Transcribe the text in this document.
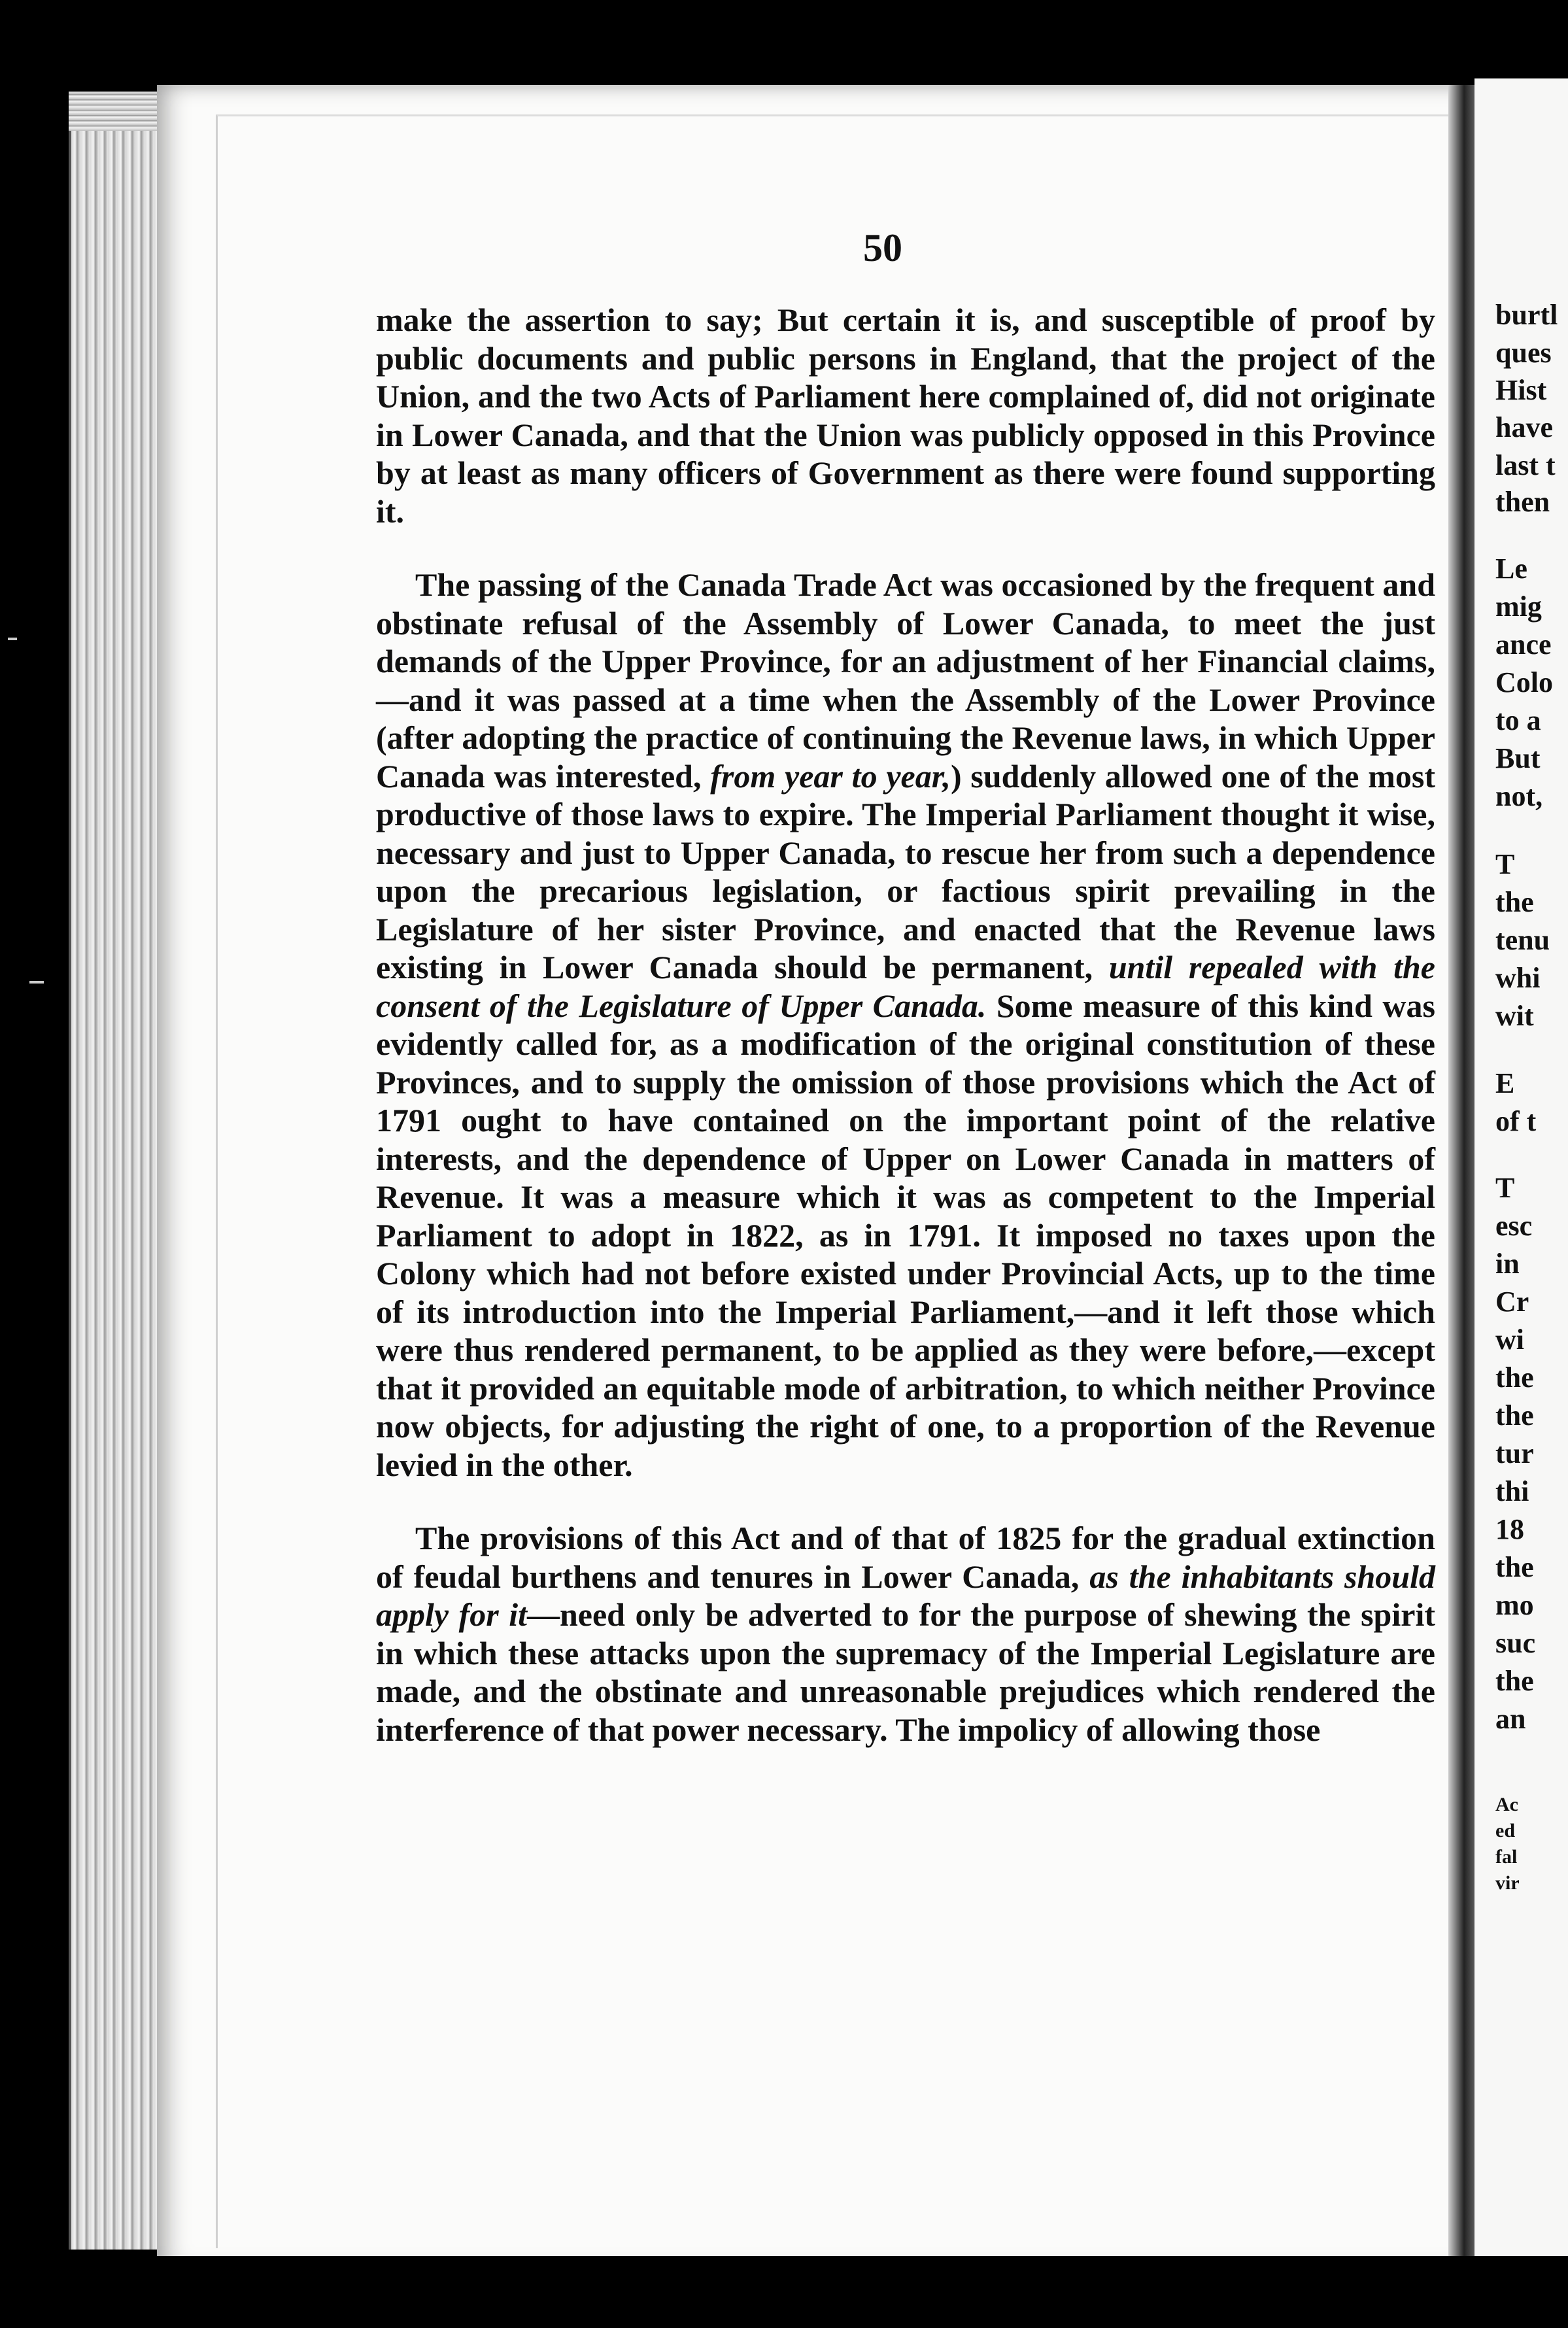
burtl
ques
Hist
have
last t
then
Le
mig
ance
Colo
to a
But
not,
T
the
tenu
whi
wit
E
of t
T
esc
in
Cr
wi
the
the
tur
thi
18
the
mo
suc
the
an
Ac
ed
fal
vir
50

make the assertion to say; But certain it is, and susceptible of proof by public documents and public persons in England, that the project of the Union, and the two Acts of Parliament here complained of, did not originate in Lower Canada, and that the Union was publicly opposed in this Province by at least as many officers of Government as there were found supporting it.

The passing of the Canada Trade Act was occasioned by the frequent and obstinate refusal of the Assembly of Lower Canada, to meet the just demands of the Upper Province, for an adjustment of her Financial claims,—and it was passed at a time when the Assembly of the Lower Province (after adopting the practice of continuing the Revenue laws, in which Upper Canada was interested, from year to year,) suddenly allowed one of the most productive of those laws to expire. The Imperial Parliament thought it wise, necessary and just to Upper Canada, to rescue her from such a dependence upon the precarious legislation, or factious spirit prevailing in the Legislature of her sister Province, and enacted that the Revenue laws existing in Lower Canada should be permanent, until repealed with the consent of the Legislature of Upper Canada. Some measure of this kind was evidently called for, as a modification of the original constitution of these Provinces, and to supply the omission of those provisions which the Act of 1791 ought to have contained on the important point of the relative interests, and the dependence of Upper on Lower Canada in matters of Revenue. It was a measure which it was as competent to the Imperial Parliament to adopt in 1822, as in 1791. It imposed no taxes upon the Colony which had not before existed under Provincial Acts, up to the time of its introduction into the Imperial Parliament,—and it left those which were thus rendered permanent, to be applied as they were before,—except that it provided an equitable mode of arbitration, to which neither Province now objects, for adjusting the right of one, to a proportion of the Revenue levied in the other.

The provisions of this Act and of that of 1825 for the gradual extinction of feudal burthens and tenures in Lower Canada, as the inhabitants should apply for it—need only be adverted to for the purpose of shewing the spirit in which these attacks upon the supremacy of the Imperial Legislature are made, and the obstinate and unreasonable prejudices which rendered the interference of that power necessary. The impolicy of allowing those
